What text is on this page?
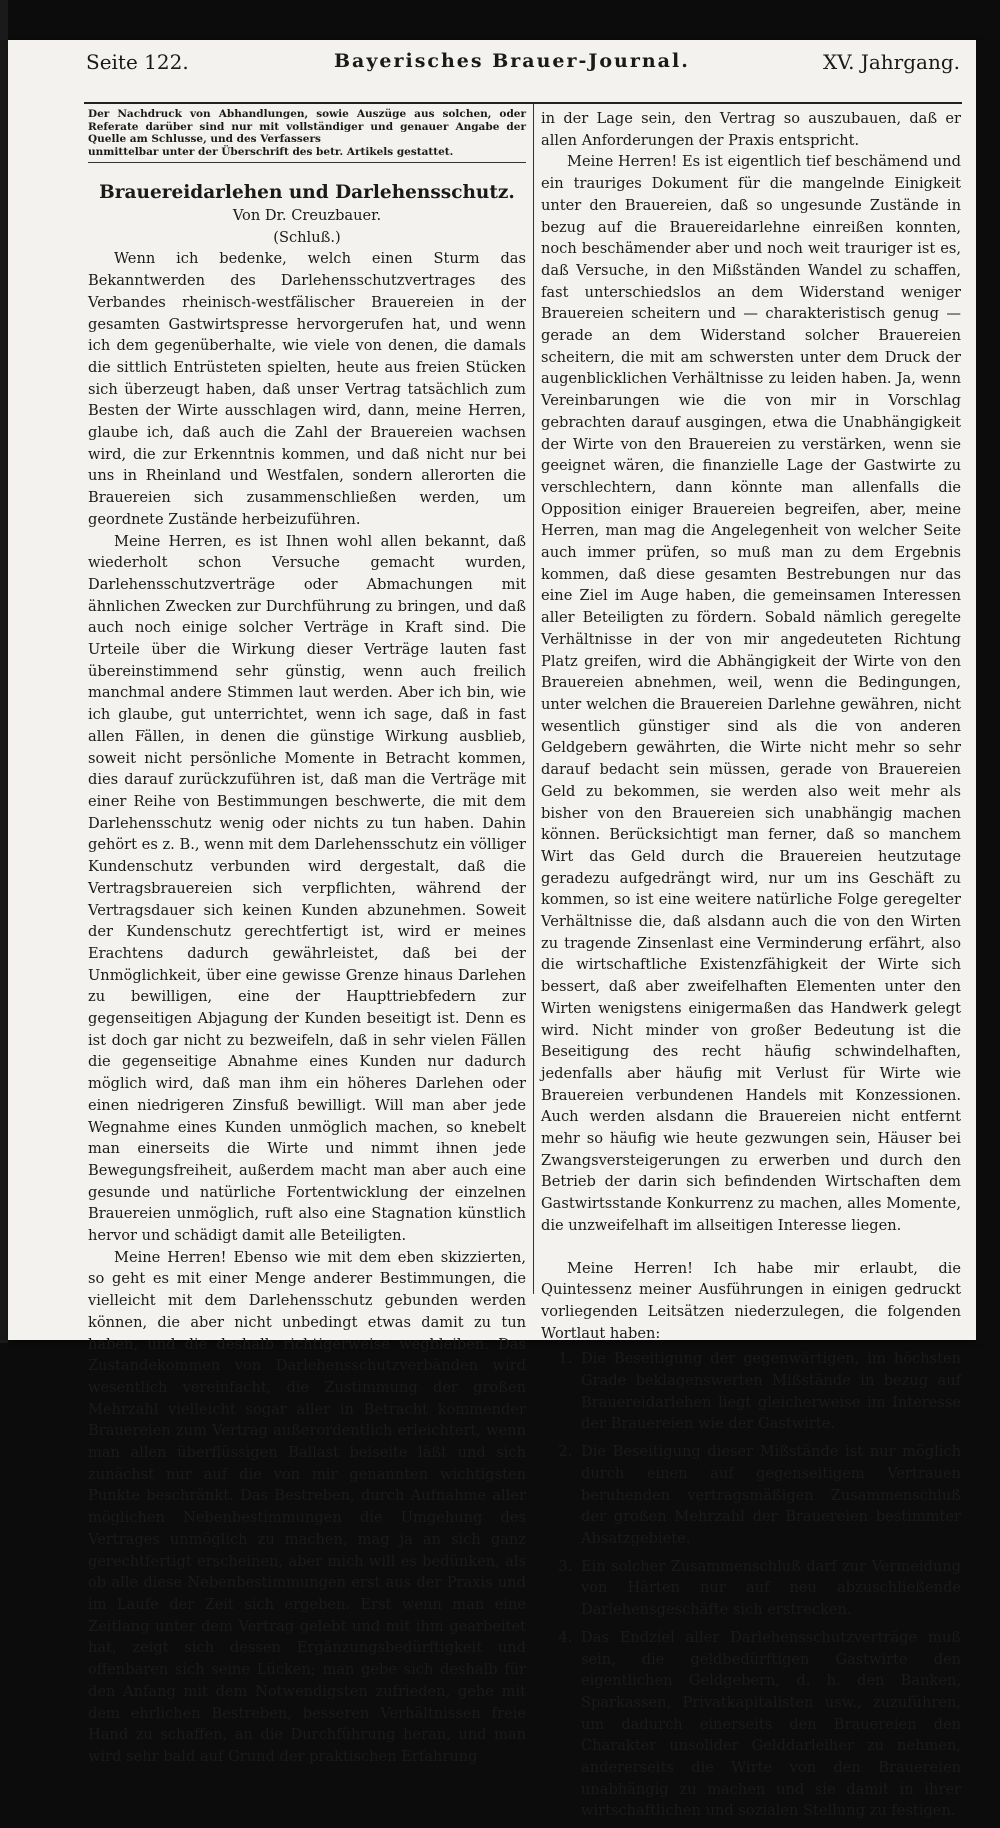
Seite 122.	Bayerisches Brauer-Journal.	XV. Jahrgang.

Der Nachdruck von Abhandlungen, sowie Auszüge aus solchen, oder Referate darüber sind nur mit vollständiger und genauer Angabe der Quelle am Schlusse, und des Verfassers
unmittelbar unter der Überschrift des betr. Artikels gestattet.

Brauereidarlehen und Darlehensschutz.

Von Dr. Creuzbauer.

(Schluß.)

Wenn ich bedenke, welch einen Sturm das Bekanntwerden des Darlehensschutzvertrages des Verbandes rheinisch-westfälischer Brauereien in der gesamten Gastwirtspresse hervorgerufen hat, und wenn ich dem gegenüberhalte, wie viele von denen, die damals die sittlich Entrüsteten spielten, heute aus freien Stücken sich überzeugt haben, daß unser Vertrag tatsächlich zum Besten der Wirte ausschlagen wird, dann, meine Herren, glaube ich, daß auch die Zahl der Brauereien wachsen wird, die zur Erkenntnis kommen, und daß nicht nur bei uns in Rheinland und Westfalen, sondern allerorten die Brauereien sich zusammenschließen werden, um geordnete Zustände herbeizuführen.

Meine Herren, es ist Ihnen wohl allen bekannt, daß wiederholt schon Versuche gemacht wurden, Darlehensschutzverträge oder Abmachungen mit ähnlichen Zwecken zur Durchführung zu bringen, und daß auch noch einige solcher Verträge in Kraft sind. Die Urteile über die Wirkung dieser Verträge lauten fast übereinstimmend sehr günstig, wenn auch freilich manchmal andere Stimmen laut werden. Aber ich bin, wie ich glaube, gut unterrichtet, wenn ich sage, daß in fast allen Fällen, in denen die günstige Wirkung ausblieb, soweit nicht persönliche Momente in Betracht kommen, dies darauf zurückzuführen ist, daß man die Verträge mit einer Reihe von Bestimmungen beschwerte, die mit dem Darlehensschutz wenig oder nichts zu tun haben. Dahin gehört es z. B., wenn mit dem Darlehensschutz ein völliger Kundenschutz verbunden wird dergestalt, daß die Vertragsbrauereien sich verpflichten, während der Vertragsdauer sich keinen Kunden abzunehmen. Soweit der Kundenschutz gerechtfertigt ist, wird er meines Erachtens dadurch gewährleistet, daß bei der Unmöglichkeit, über eine gewisse Grenze hinaus Darlehen zu bewilligen, eine der Haupttriebfedern zur gegenseitigen Abjagung der Kunden beseitigt ist. Denn es ist doch gar nicht zu bezweifeln, daß in sehr vielen Fällen die gegenseitige Abnahme eines Kunden nur dadurch möglich wird, daß man ihm ein höheres Darlehen oder einen niedrigeren Zinsfuß bewilligt. Will man aber jede Wegnahme eines Kunden unmöglich machen, so knebelt man einerseits die Wirte und nimmt ihnen jede Bewegungsfreiheit, außerdem macht man aber auch eine gesunde und natürliche Fortentwicklung der einzelnen Brauereien unmöglich, ruft also eine Stagnation künstlich hervor und schädigt damit alle Beteiligten.

Meine Herren! Ebenso wie mit dem eben skizzierten, so geht es mit einer Menge anderer Bestimmungen, die vielleicht mit dem Darlehensschutz gebunden werden können, die aber nicht unbedingt etwas damit zu tun haben, und die deshalb richtigerweise wegbleiben. Das Zustandekommen von Darlehensschutzverbänden wird wesentlich vereinfacht, die Zustimmung der großen Mehrzahl vielleicht sogar aller in Betracht kommender Brauereien zum Vertrag außerordentlich erleichtert, wenn man allen überflüssigen Ballast beiseite läßt und sich zunächst nur auf die von mir genannten wichtigsten Punkte beschränkt. Das Bestreben, durch Aufnahme aller möglichen Nebenbestimmungen die Umgehung des Vertrages unmöglich zu machen, mag ja an sich ganz gerechtfertigt erscheinen, aber mich will es bedünken, als ob alle diese Nebenbestimmungen erst aus der Praxis und im Laufe der Zeit sich ergeben. Erst wenn man eine Zeitlang unter dem Vertrag gelebt und mit ihm gearbeitet hat, zeigt sich dessen Ergänzungsbedürftigkeit und offenbaren sich seine Lücken; man gebe sich deshalb für den Anfang mit dem Notwendigsten zufrieden, gehe mit dem ehrlichen Bestreben, besseren Verhältnissen freie Hand zu schaffen, an die Durchführung heran, und man wird sehr bald auf Grund der praktischen Erfahrung

in der Lage sein, den Vertrag so auszubauen, daß er allen Anforderungen der Praxis entspricht.

Meine Herren! Es ist eigentlich tief beschämend und ein trauriges Dokument für die mangelnde Einigkeit unter den Brauereien, daß so ungesunde Zustände in bezug auf die Brauereidarlehne einreißen konnten, noch beschämender aber und noch weit trauriger ist es, daß Versuche, in den Mißständen Wandel zu schaffen, fast unterschiedslos an dem Widerstand weniger Brauereien scheitern und — charakteristisch genug — gerade an dem Widerstand solcher Brauereien scheitern, die mit am schwersten unter dem Druck der augenblicklichen Verhältnisse zu leiden haben. Ja, wenn Vereinbarungen wie die von mir in Vorschlag gebrachten darauf ausgingen, etwa die Unabhängigkeit der Wirte von den Brauereien zu verstärken, wenn sie geeignet wären, die finanzielle Lage der Gastwirte zu verschlechtern, dann könnte man allenfalls die Opposition einiger Brauereien begreifen, aber, meine Herren, man mag die Angelegenheit von welcher Seite auch immer prüfen, so muß man zu dem Ergebnis kommen, daß diese gesamten Bestrebungen nur das eine Ziel im Auge haben, die gemeinsamen Interessen aller Beteiligten zu fördern. Sobald nämlich geregelte Verhältnisse in der von mir angedeuteten Richtung Platz greifen, wird die Abhängigkeit der Wirte von den Brauereien abnehmen, weil, wenn die Bedingungen, unter welchen die Brauereien Darlehne gewähren, nicht wesentlich günstiger sind als die von anderen Geldgebern gewährten, die Wirte nicht mehr so sehr darauf bedacht sein müssen, gerade von Brauereien Geld zu bekommen, sie werden also weit mehr als bisher von den Brauereien sich unabhängig machen können. Berücksichtigt man ferner, daß so manchem Wirt das Geld durch die Brauereien heutzutage geradezu aufgedrängt wird, nur um ins Geschäft zu kommen, so ist eine weitere natürliche Folge geregelter Verhältnisse die, daß alsdann auch die von den Wirten zu tragende Zinsenlast eine Verminderung erfährt, also die wirtschaftliche Existenzfähigkeit der Wirte sich bessert, daß aber zweifelhaften Elementen unter den Wirten wenigstens einigermaßen das Handwerk gelegt wird. Nicht minder von großer Bedeutung ist die Beseitigung des recht häufig schwindelhaften, jedenfalls aber häufig mit Verlust für Wirte wie Brauereien verbundenen Handels mit Konzessionen. Auch werden alsdann die Brauereien nicht entfernt mehr so häufig wie heute gezwungen sein, Häuser bei Zwangsversteigerungen zu erwerben und durch den Betrieb der darin sich befindenden Wirtschaften dem Gastwirtsstande Konkurrenz zu machen, alles Momente, die unzweifelhaft im allseitigen Interesse liegen.

Meine Herren! Ich habe mir erlaubt, die Quintessenz meiner Ausführungen in einigen gedruckt vorliegenden Leitsätzen niederzulegen, die folgenden Wortlaut haben:

1. Die Beseitigung der gegenwärtigen, im höchsten Grade beklagenswerten Mißstände in bezug auf Brauereidarlehen liegt gleicherweise im Interesse der Brauereien wie der Gastwirte.
2. Die Beseitigung dieser Mißstände ist nur möglich durch einen auf gegenseitigem Vertrauen beruhenden vertragsmäßigen Zusammenschluß der großen Mehrzahl der Brauereien bestimmter Absatzgebiete.
3. Ein solcher Zusammenschluß darf zur Vermeidung von Härten nur auf neu abzuschließende Darlehensgeschäfte sich erstrecken.
4. Das Endziel aller Darlehensschutzverträge muß sein, die geldbedürftigen Gastwirte den eigentlichen Geldgebern, d. h. den Banken, Sparkassen, Privatkapitalisten usw., zuzuführen, um dadurch einerseits den Brauereien den Charakter unsolider Gelddarleiher zu nehmen, andererseits die Wirte von den Brauereien unabhängig zu machen und sie damit in ihrer wirtschaftlichen und sozialen Stellung zu festigen.
